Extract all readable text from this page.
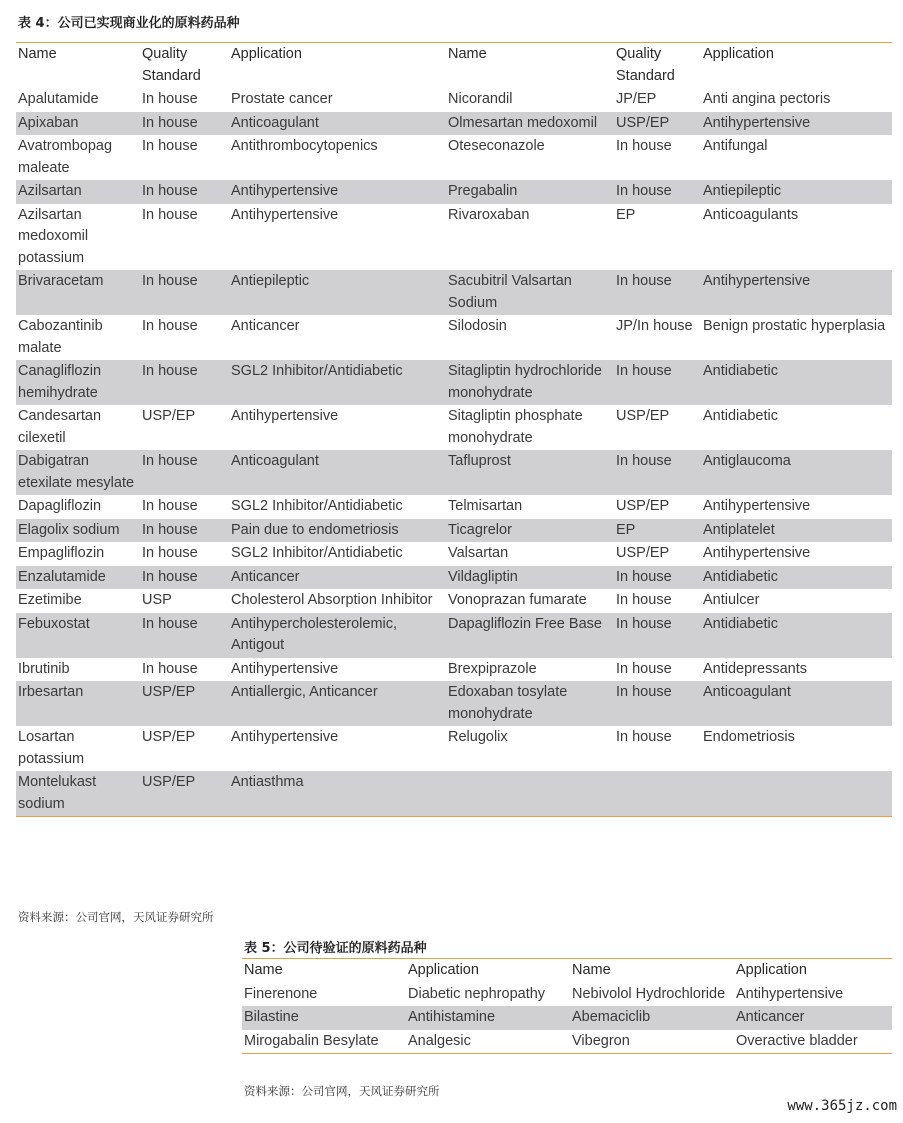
表 4：公司已实现商业化的原料药品种
Name	Quality Standard	Application	Name	Quality Standard	Application
Apalutamide	In house	Prostate cancer	Nicorandil	JP/EP	Anti angina pectoris
Apixaban	In house	Anticoagulant	Olmesartan medoxomil	USP/EP	Antihypertensive
Avatrombopag maleate	In house	Antithrombocytopenics	Oteseconazole	In house	Antifungal
Azilsartan	In house	Antihypertensive	Pregabalin	In house	Antiepileptic
Azilsartan medoxomil potassium	In house	Antihypertensive	Rivaroxaban	EP	Anticoagulants
Brivaracetam	In house	Antiepileptic	Sacubitril Valsartan Sodium	In house	Antihypertensive
Cabozantinib malate	In house	Anticancer	Silodosin	JP/In house	Benign prostatic hyperplasia
Canagliflozin hemihydrate	In house	SGL2 Inhibitor/Antidiabetic	Sitagliptin hydrochloride monohydrate	In house	Antidiabetic
Candesartan cilexetil	USP/EP	Antihypertensive	Sitagliptin phosphate monohydrate	USP/EP	Antidiabetic
Dabigatran etexilate mesylate	In house	Anticoagulant	Tafluprost	In house	Antiglaucoma
Dapagliflozin	In house	SGL2 Inhibitor/Antidiabetic	Telmisartan	USP/EP	Antihypertensive
Elagolix sodium	In house	Pain due to endometriosis	Ticagrelor	EP	Antiplatelet
Empagliflozin	In house	SGL2 Inhibitor/Antidiabetic	Valsartan	USP/EP	Antihypertensive
Enzalutamide	In house	Anticancer	Vildagliptin	In house	Antidiabetic
Ezetimibe	USP	Cholesterol Absorption Inhibitor	Vonoprazan fumarate	In house	Antiulcer
Febuxostat	In house	Antihypercholesterolemic, Antigout	Dapagliflozin Free Base	In house	Antidiabetic
Ibrutinib	In house	Antihypertensive	Brexpiprazole	In house	Antidepressants
Irbesartan	USP/EP	Antiallergic, Anticancer	Edoxaban tosylate monohydrate	In house	Anticoagulant
Losartan potassium	USP/EP	Antihypertensive	Relugolix	In house	Endometriosis
Montelukast sodium	USP/EP	Antiasthma			
资料来源：公司官网，天风证券研究所
表 5：公司待验证的原料药品种
Name	Application	Name	Application
Finerenone	Diabetic nephropathy	Nebivolol Hydrochloride	Antihypertensive
Bilastine	Antihistamine	Abemaciclib	Anticancer
Mirogabalin Besylate	Analgesic	Vibegron	Overactive bladder
资料来源：公司官网，天风证券研究所
www.365jz.com
